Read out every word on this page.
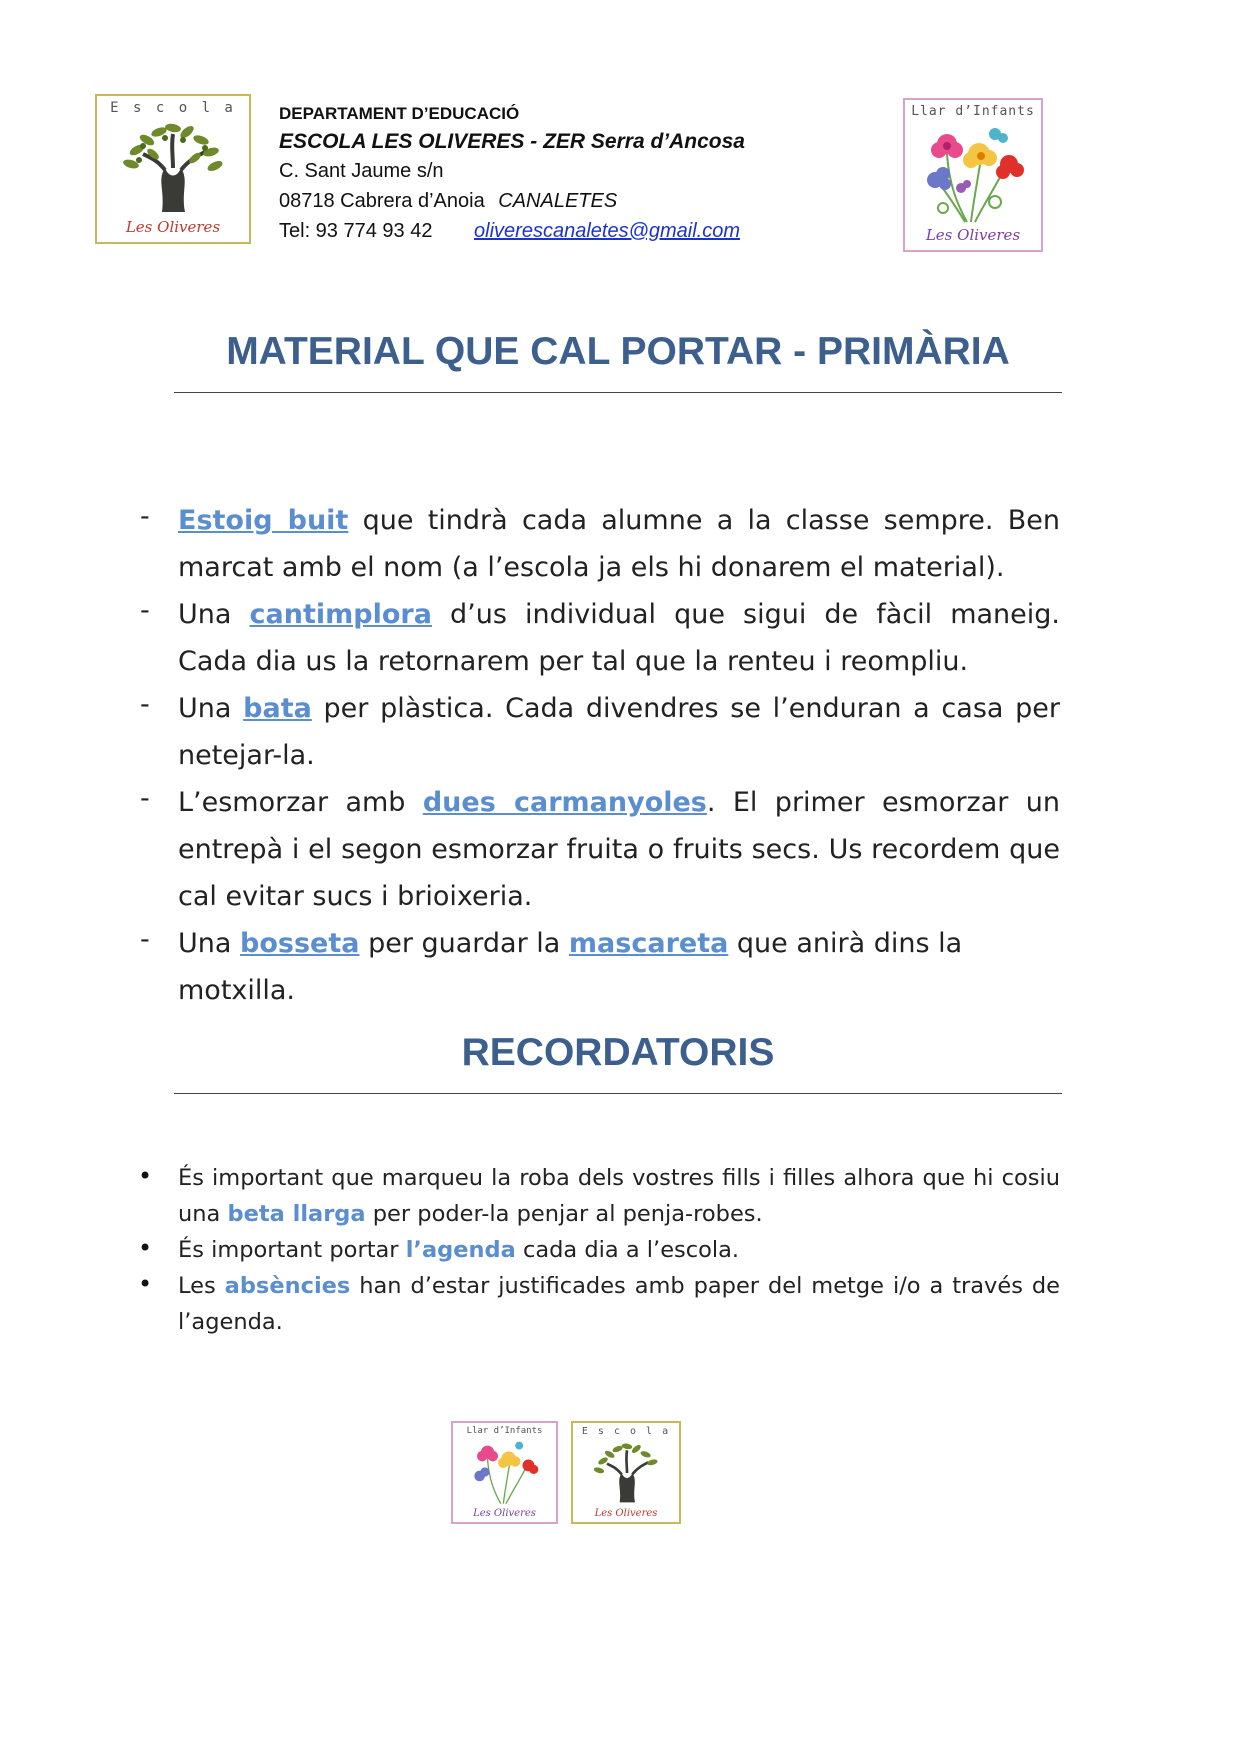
E s c o l a
Les Oliveres
DEPARTAMENT D’EDUCACIÓ
ESCOLA LES OLIVERES - ZER Serra d’Ancosa
C. Sant Jaume s/n
08718 Cabrera d’Anoia CANALETES
Tel: 93 774 93 42 oliverescanaletes@gmail.com
Llar d’Infants
Les Oliveres
MATERIAL QUE CAL PORTAR - PRIMÀRIA
- Estoig buit que tindrà cada alumne a la classe sempre. Ben marcat amb el nom (a l’escola ja els hi donarem el material).
- Una cantimplora d’us individual que sigui de fàcil maneig. Cada dia us la retornarem per tal que la renteu i reompliu.
- Una bata per plàstica. Cada divendres se l’enduran a casa per netejar-la.
- L’esmorzar amb dues carmanyoles. El primer esmorzar un entrepà i el segon esmorzar fruita o fruits secs. Us recordem que cal evitar sucs i brioixeria.
- Una bosseta per guardar la mascareta que anirà dins la motxilla.
RECORDATORIS
• És important que marqueu la roba dels vostres fills i filles alhora que hi cosiu una beta llarga per poder-la penjar al penja-robes.
• És important portar l’agenda cada dia a l’escola.
• Les absències han d’estar justificades amb paper del metge i/o a través de l’agenda.
Llar d’Infants
Les Oliveres
E s c o l a
Les Oliveres
